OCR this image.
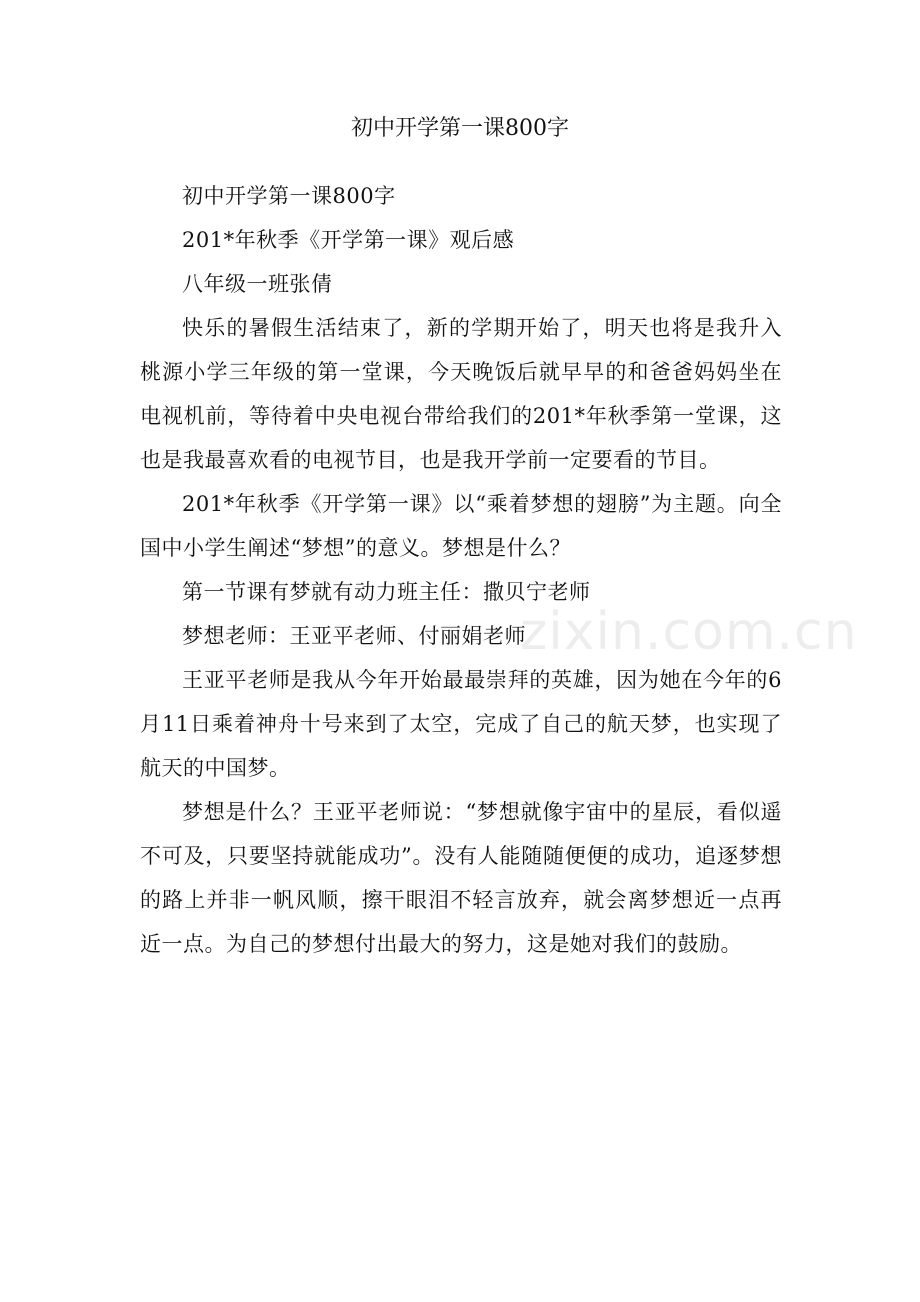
初中开学第一课800字

初中开学第一课800字

201*年秋季《开学第一课》观后感

八年级一班张倩

快乐的暑假生活结束了，新的学期开始了，明天也将是我升入桃源小学三年级的第一堂课，今天晚饭后就早早的和爸爸妈妈坐在电视机前，等待着中央电视台带给我们的201*年秋季第一堂课，这也是我最喜欢看的电视节目，也是我开学前一定要看的节目。

201*年秋季《开学第一课》以“乘着梦想的翅膀”为主题。向全国中小学生阐述“梦想”的意义。梦想是什么？

第一节课有梦就有动力班主任：撒贝宁老师

梦想老师：王亚平老师、付丽娟老师

王亚平老师是我从今年开始最最崇拜的英雄，因为她在今年的6月11日乘着神舟十号来到了太空，完成了自己的航天梦，也实现了航天的中国梦。

梦想是什么？王亚平老师说：“梦想就像宇宙中的星辰，看似遥不可及，只要坚持就能成功”。没有人能随随便便的成功，追逐梦想的路上并非一帆风顺，擦干眼泪不轻言放弃，就会离梦想近一点再近一点。为自己的梦想付出最大的努力，这是她对我们的鼓励。

zixin.com.cn
